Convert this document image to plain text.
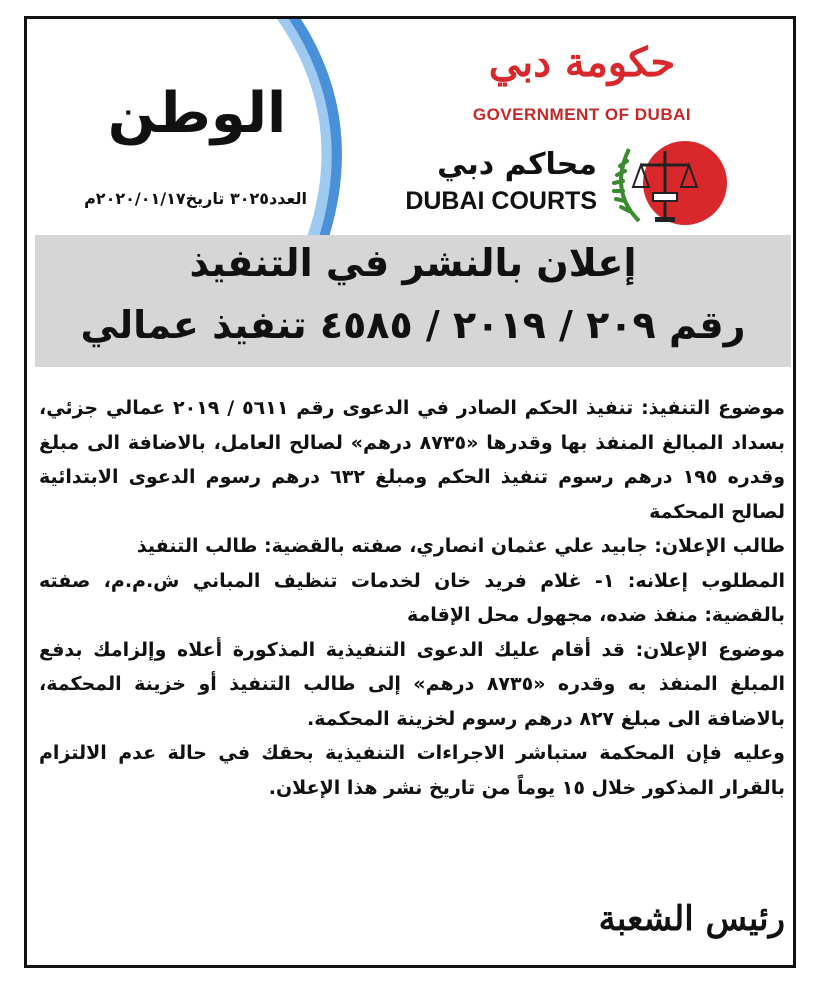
حكومة دبي
GOVERNMENT OF DUBAI
محاكم دبي
DUBAI COURTS
الوطن
العدد٣٠٢٥ تاريخ٢٠٢٠/٠١/١٧م
إعلان بالنشر في التنفيذ
رقم ٢٠٩ / ٢٠١٩ / ٤٥٨٥ تنفيذ عمالي

موضوع التنفيذ: تنفيذ الحكم الصادر في الدعوى رقم ٥٦١١ / ٢٠١٩ عمالي جزئي، بسداد المبالغ المنفذ بها وقدرها «٨٧٣٥ درهم» لصالح العامل، بالاضافة الى مبلغ وقدره ١٩٥ درهم رسوم تنفيذ الحكم ومبلغ ٦٣٢ درهم رسوم الدعوى الابتدائية لصالح المحكمة

طالب الإعلان: جابيد علي عثمان انصاري، صفته بالقضية: طالب التنفيذ

المطلوب إعلانه: ١- غلام فريد خان لخدمات تنظيف المباني ش.م.م، صفته بالقضية: منفذ ضده، مجهول محل الإقامة

موضوع الإعلان: قد أقام عليك الدعوى التنفيذية المذكورة أعلاه وإلزامك بدفع المبلغ المنفذ به وقدره «٨٧٣٥ درهم» إلى طالب التنفيذ أو خزينة المحكمة، بالاضافة الى مبلغ ٨٢٧ درهم رسوم لخزينة المحكمة.

وعليه فإن المحكمة ستباشر الاجراءات التنفيذية بحقك في حالة عدم الالتزام بالقرار المذكور خلال ١٥ يوماً من تاريخ نشر هذا الإعلان.

رئيس الشعبة
